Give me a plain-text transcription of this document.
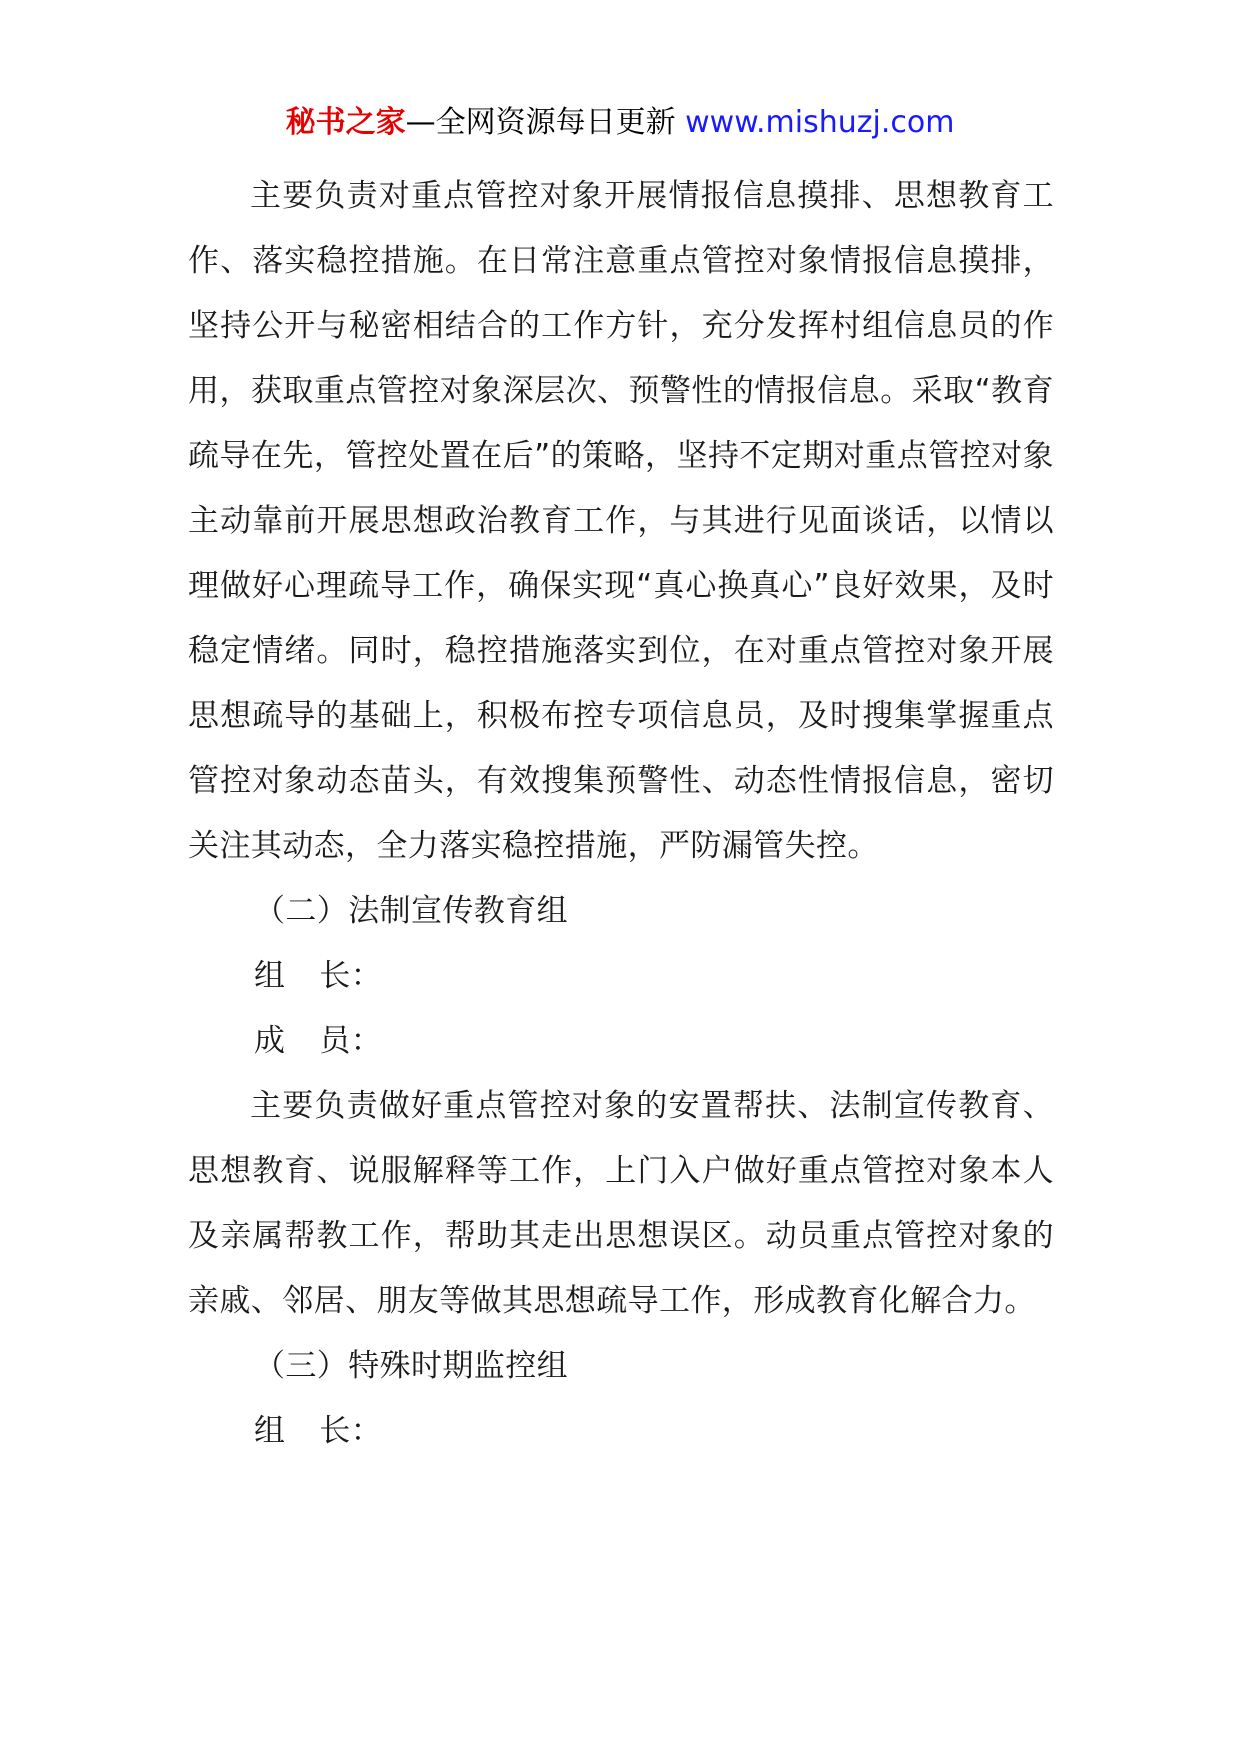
秘书之家—全网资源每日更新 www.mishuzj.com

主要负责对重点管控对象开展情报信息摸排、思想教育工作、落实稳控措施。在日常注意重点管控对象情报信息摸排，坚持公开与秘密相结合的工作方针，充分发挥村组信息员的作用，获取重点管控对象深层次、预警性的情报信息。采取“教育疏导在先，管控处置在后”的策略，坚持不定期对重点管控对象主动靠前开展思想政治教育工作，与其进行见面谈话，以情以理做好心理疏导工作，确保实现“真心换真心”良好效果，及时稳定情绪。同时，稳控措施落实到位，在对重点管控对象开展思想疏导的基础上，积极布控专项信息员，及时搜集掌握重点管控对象动态苗头，有效搜集预警性、动态性情报信息，密切关注其动态，全力落实稳控措施，严防漏管失控。

（二）法制宣传教育组

组 长：

成 员：

主要负责做好重点管控对象的安置帮扶、法制宣传教育、思想教育、说服解释等工作，上门入户做好重点管控对象本人及亲属帮教工作，帮助其走出思想误区。动员重点管控对象的亲戚、邻居、朋友等做其思想疏导工作，形成教育化解合力。

（三）特殊时期监控组

组 长：
